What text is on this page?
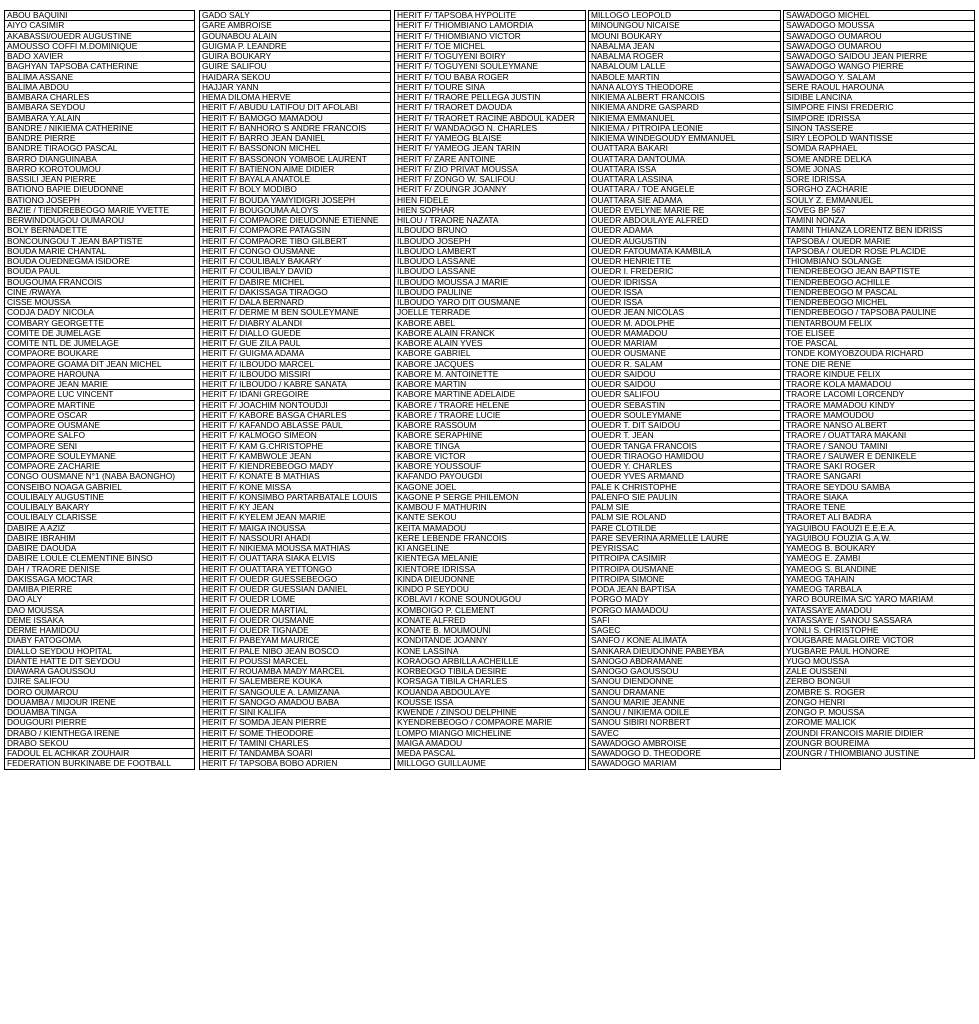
ABOU BAQUINI
AIYO CASIMIR
AKABASSI/OUEDR AUGUSTINE
AMOUSSO COFFI M.DOMINIQUE
BADO XAVIER
BAGHYAN TAPSOBA CATHERINE
BALIMA ASSANE
BALIMA ABDOU
BAMBARA CHARLES
BAMBARA SEYDOU
BAMBARA Y.ALAIN
BANDRE / NIKIEMA CATHERINE
BANDRE PIERRE
BANDRE TIRAOGO PASCAL
BARRO DIANGUINABA
BARRO KOROTOUMOU
BASSILI JEAN PIERRE
BATIONO BAPIE DIEUDONNE
BATIONO JOSEPH
BAZIE / TIENDREBEOGO MARIE YVETTE
BERWINDOUGOU OUMAROU
BOLY BERNADETTE
BONCOUNGOU T JEAN BAPTISTE
BOUDA MARIE CHANTAL
BOUDA OUEDNEGMA ISIDORE
BOUDA PAUL
BOUGOUMA FRANCOIS
CINE /RWAYA
CISSE MOUSSA
CODJA DADY NICOLA
COMBARY GEORGETTE
COMITE DE JUMELAGE
COMITE NTL DE JUMELAGE
COMPAORE BOUKARE
COMPAORE GOAMA DIT JEAN MICHEL
COMPAORE HAROUNA
COMPAORE JEAN MARIE
COMPAORE LUC VINCENT
COMPAORE MARTINE
COMPAORE OSCAR
COMPAORE OUSMANE
COMPAORE SALFO
COMPAORE SENI
COMPAORE SOULEYMANE
COMPAORE ZACHARIE
CONGO OUSMANE N°1 (NABA BAONGHO)
CONSEIBO NOAGA GABRIEL
COULIBALY AUGUSTINE
COULIBALY BAKARY
COULIBALY CLARISSE
DABIRE A AZIZ
DABIRE IBRAHIM
DABIRE DAOUDA
DABIRE LOULE CLEMENTINE BINSO
DAH / TRAORE DENISE
DAKISSAGA MOCTAR
DAMIBA PIERRE
DAO ALY
DAO MOUSSA
DEME ISSAKA
DERME HAMIDOU
DIABY FATOGOMA
DIALLO SEYDOU HOPITAL
DIANTE HATTE DIT SEYDOU
DIAWARA GAOUSSOU
DJIRE SALIFOU
DORO OUMAROU
DOUAMBA / MIJOUR IRENE
DOUAMBA TINGA
DOUGOURI PIERRE
DRABO / KIENTHEGA IRENE
DRABO SEKOU
FADOUL EL ACHKAR ZOUHAIR
FEDERATION BURKINABE DE FOOTBALL
GADO SALY
GARE AMBROISE
GOUNABOU ALAIN
GUIGMA P. LEANDRE
GUIRA BOUKARY
GUIRE SALIFOU
HAIDARA SEKOU
HAJJAR YANN
HEMA DILOMA HERVE
HERIT F/ ABUDU LATIFOU DIT AFOLABI
HERIT F/ BAMOGO MAMADOU
HERIT F/ BANHORO S ANDRE FRANCOIS
HERIT F/ BARRO JEAN DANIEL
HERIT F/ BASSONON MICHEL
HERIT F/ BASSONON YOMBOE LAURENT
HERIT F/ BATIENON AIME DIDIER
HERIT F/ BAYALA ANATOLE
HERIT F/ BOLY MODIBO
HERIT F/ BOUDA YAMYIDIGRI JOSEPH
HERIT F/ BOUGOUMA ALOYS
HERIT F/ COMPAORE DIEUDONNE ETIENNE
HERIT F/ COMPAORE PATAGSIN
HERIT F/ COMPAORE TIBO GILBERT
HERIT F/ CONGO OUSMANE
HERIT F/ COULIBALY BAKARY
HERIT F/ COULIBALY DAVID
HERIT F/ DABIRE MICHEL
HERIT F/ DAKISSAGA TIRAOGO
HERIT F/ DALA BERNARD
HERIT F/ DERME M BEN SOULEYMANE
HERIT F/ DIABRY ALANDI
HERIT F/ DIALLO GUEDE
HERIT F/ GUE ZILA PAUL
HERIT F/ GUIGMA ADAMA
HERIT F/ ILBOUDO MARCEL
HERIT F/ ILBOUDO MISSIRI
HERIT F/ ILBOUDO / KABRE SANATA
HERIT F/ IDANI GREGOIRE
HERIT F/ JOACHIM NONTOUDJI
HERIT F/ KABORE BASGA CHARLES
HERIT F/ KAFANDO ABLASSE PAUL
HERIT F/ KALMOGO SIMEON
HERIT F/ KAM G.CHRISTOPHE
HERIT F/ KAMBWOLE JEAN
HERIT F/ KIENDREBEOGO MADY
HERIT F/ KONATE B MATHIAS
HERIT F/ KONE MISSA
HERIT F/ KONSIMBO PARTARBATALE LOUIS
HERIT F/ KY JEAN
HERIT F/ KYELEM JEAN MARIE
HERIT F/ MAIGA INOUSSA
HERIT F/ NASSOURI AHADI
HERIT F/ NIKIEMA MOUSSA MATHIAS
HERIT F/ OUATTARA SIAKA ELVIS
HERIT F/ OUATTARA YETTONGO
HERIT F/ OUEDR GUESSEBEOGO
HERIT F/ OUEDR GUESSIAN DANIEL
HERIT F/ OUEDR LOME
HERIT F/ OUEDR MARTIAL
HERIT F/ OUEDR OUSMANE
HERIT F/ OUEDR TIGNADE
HERIT F/ PABEYAM MAURICE
HERIT F/ PALE NIBO JEAN BOSCO
HERIT F/ POUSSI MARCEL
HERIT F/ ROUAMBA MADY MARCEL
HERIT F/ SALEMBERE KOUKA
HERIT F/ SANGOULE A. LAMIZANA
HERIT F/ SANOGO AMADOU BABA
HERIT F/ SINI KALIFA
HERIT F/ SOMDA JEAN PIERRE
HERIT F/ SOME THEODORE
HERIT F/ TAMINI CHARLES
HERIT F/ TANDAMBA SOARI
HERIT F/ TAPSOBA BOBO ADRIEN
HERIT F/ TAPSOBA HYPOLITE
HERIT F/ THIOMBIANO LAMORDIA
HERIT F/ THIOMBIANO VICTOR
HERIT F/ TOE MICHEL
HERIT F/ TOGUYENI BOIRY
HERIT F/ TOGUYENI SOULEYMANE
HERIT F/ TOU BABA ROGER
HERIT F/ TOURE SINA
HERIT F/ TRAORE PELLEGA JUSTIN
HERIT F/ TRAORET DAOUDA
HERIT F/ TRAORET RACINE ABDOUL KADER
HERIT F/ WANDAOGO N. CHARLES
HERIT F/ YAMEOG BLAISE
HERIT F/ YAMEOG JEAN TARIN
HERIT F/ ZARE ANTOINE
HERIT F/ ZIO PRIVAT MOUSSA
HERIT F/ ZONGO W. SALIFOU
HERIT F/ ZOUNGR JOANNY
HIEN FIDELE
HIEN SOPHAR
HILOU / TRAORE NAZATA
ILBOUDO BRUNO
ILBOUDO JOSEPH
ILBOUDO LAMBERT
ILBOUDO LASSANE
ILBOUDO LASSANE
ILBOUDO MOUSSA J MARIE
ILBOUDO PAULINE
ILBOUDO YARO DIT OUSMANE
JOELLE TERRADE
KABORE ABEL
KABORE ALAIN FRANCK
KABORE ALAIN YVES
KABORE GABRIEL
KABORE JACQUES
KABORE M. ANTOINETTE
KABORE MARTIN
KABORE MARTINE ADELAIDE
KABORE / TRAORE HELENE
KABORE / TRAORE LUCIE
KABORE RASSOUM
KABORE SERAPHINE
KABORE TINGA
KABORE VICTOR
KABORE YOUSSOUF
KAFANDO PAYOUGDI
KAGONE JOEL
KAGONE P SERGE PHILEMON
KAMBOU F MATHURIN
KANTE SEKOU
KEITA MAMADOU
KERE LEBENDE FRANCOIS
KI ANGELINE
KIENTEGA MELANIE
KIENTORE IDRISSA
KINDA DIEUDONNE
KINDO P SEYDOU
KOBLAVI / KONE SOUNOUGOU
KOMBOIGO P. CLEMENT
KONATE ALFRED
KONATE B. MOUMOUNI
KONDITANDE JOANNY
KONE LASSINA
KORAOGO ARBILLA ACHEILLE
KORBEOGO TIBILA DESIRE
KORSAGA TIBILA CHARLES
KOUANDA ABDOULAYE
KOUSSE ISSA
KWENDE / ZINSOU DELPHINE
KYENDREBEOGO / COMPAORE MARIE
LOMPO MIANGO MICHELINE
MAIGA AMADOU
MEDA PASCAL
MILLOGO GUILLAUME
MILLOGO LEOPOLD
MINOUNGOU NICAISE
MOUNI BOUKARY
NABALMA JEAN
NABALMA ROGER
NABALOUM LALLE
NABOLE MARTIN
NANA ALOYS THEODORE
NIKIEMA ALBERT FRANCOIS
NIKIEMA ANDRE GASPARD
NIKIEMA EMMANUEL
NIKIEMA / PITROIPA LEONIE
NIKIEMA WINDEGOUDY EMMANUEL
OUATTARA BAKARI
OUATTARA DANTOUMA
OUATTARA ISSA
OUATTARA LASSINA
OUATTARA / TOE ANGELE
OUATTARA SIE ADAMA
OUEDR EVELYNE MARIE RE
OUEDR ABDOULAYE ALFRED
OUEDR ADAMA
OUEDR AUGUSTIN
OUEDR FATOUMATA KAMBILA
OUEDR HENRIETTE
OUEDR I. FREDERIC
OUEDR IDRISSA
OUEDR ISSA
OUEDR ISSA
OUEDR JEAN NICOLAS
OUEDR M. ADOLPHE
OUEDR MAMADOU
OUEDR MARIAM
OUEDR OUSMANE
OUEDR R. SALAM
OUEDR SAIDOU
OUEDR SAIDOU
OUEDR SALIFOU
OUEDR SEBASTIN
OUEDR SOULEYMANE
OUEDR T. DIT SAIDOU
OUEDR T. JEAN
OUEDR TANGA FRANCOIS
OUEDR TIRAOGO HAMIDOU
OUEDR Y. CHARLES
OUEDR YVES ARMAND
PALE K CHRISTOPHE
PALENFO SIE PAULIN
PALM SIE
PALM SIE ROLAND
PARE CLOTILDE
PARE SEVERINA ARMELLE LAURE
PEYRISSAC
PITROIPA CASIMIR
PITROIPA OUSMANE
PITROIPA SIMONE
PODA JEAN BAPTISA
PORGO MADY
PORGO MAMADOU
SAFI
SAGEC
SANFO / KONE ALIMATA
SANKARA DIEUDONNE PABEYBA
SANOGO ABDRAMANE
SANOGO GAOUSSOU
SANOU DIENDONNE
SANOU DRAMANE
SANOU MARIE JEANNE
SANOU / NIKIEMA ODILE
SANOU SIBIRI NORBERT
SAVEC
SAWADOGO AMBROISE
SAWADOGO D. THEODORE
SAWADOGO MARIAM
SAWADOGO MICHEL
SAWADOGO MOUSSA
SAWADOGO OUMAROU
SAWADOGO OUMAROU
SAWADOGO SAIDOU JEAN PIERRE
SAWADOGO WANGO PIERRE
SAWADOGO Y. SALAM
SERE RAOUL HAROUNA
SIDIBE LANCINA
SIMPORE FINSI FREDERIC
SIMPORE IDRISSA
SINON TASSERE
SIRY LEOPOLD WANTISSE
SOMDA RAPHAEL
SOME ANDRE DELKA
SOME JONAS
SORE IDRISSA
SORGHO ZACHARIE
SOULY Z. EMMANUEL
SOVEG BP 567
TAMINI NONZA
TAMINI THIANZA LORENTZ BEN IDRISS
TAPSOBA / OUEDR MARIE
TAPSOBA / OUEDR ROSE PLACIDE
THIOMBIANO SOLANGE
TIENDREBEOGO JEAN BAPTISTE
TIENDREBEOGO ACHILLE
TIENDREBEOGO M PASCAL
TIENDREBEOGO MICHEL
TIENDREBEOGO / TAPSOBA PAULINE
TIENTARBOUM FELIX
TOE ELISEE
TOE PASCAL
TONDE KOMYOBZOUDA RICHARD
TONE DIE RENE
TRAORE KINDUE FELIX
TRAORE KOLA MAMADOU
TRAORE LACOMI LORCENDY
TRAORE MAMADOU KINDY
TRAORE MAMOUDOU
TRAORE NANSO ALBERT
TRAORE / OUATTARA MAKANI
TRAORE / SANOU TAMINI
TRAORE / SAUWER E DENIKELE
TRAORE SAKI ROGER
TRAORE SANGARI
TRAORE SEYDOU SAMBA
TRAORE SIAKA
TRAORE TENE
TRAORET ALI BADRA
YAGUIBOU FAOUZI E.E.E.A.
YAGUIBOU FOUZIA G.A.W.
YAMEOG B. BOUKARY
YAMEOG E. ZAMBI
YAMEOG S. BLANDINE
YAMEOG TAHAIN
YAMEOG TARBALA
YARO BOUREIMA S/C YARO MARIAM
YATASSAYE AMADOU
YATASSAYE / SANOU SASSARA
YONLI S. CHRISTOPHE
YOUGBARE MAGLOIRE VICTOR
YUGBARE PAUL HONORE
YUGO MOUSSA
ZALE OUSSENI
ZERBO BONGUI
ZOMBRE S. ROGER
ZONGO HENRI
ZONGO P. MOUSSA
ZOROME MALICK
ZOUNDI FRANCOIS MARIE DIDIER
ZOUNGR BOUREIMA
ZOUNGR / THIOMBIANO JUSTINE
